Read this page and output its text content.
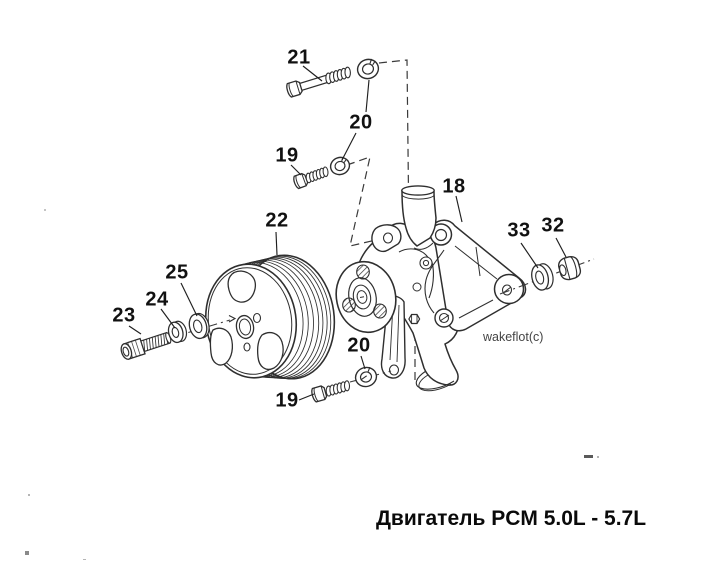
21
20
19
22
18
33 32
25
24
23
20
19
wakeflot(c)
Двигатель PCM 5.0L - 5.7L
